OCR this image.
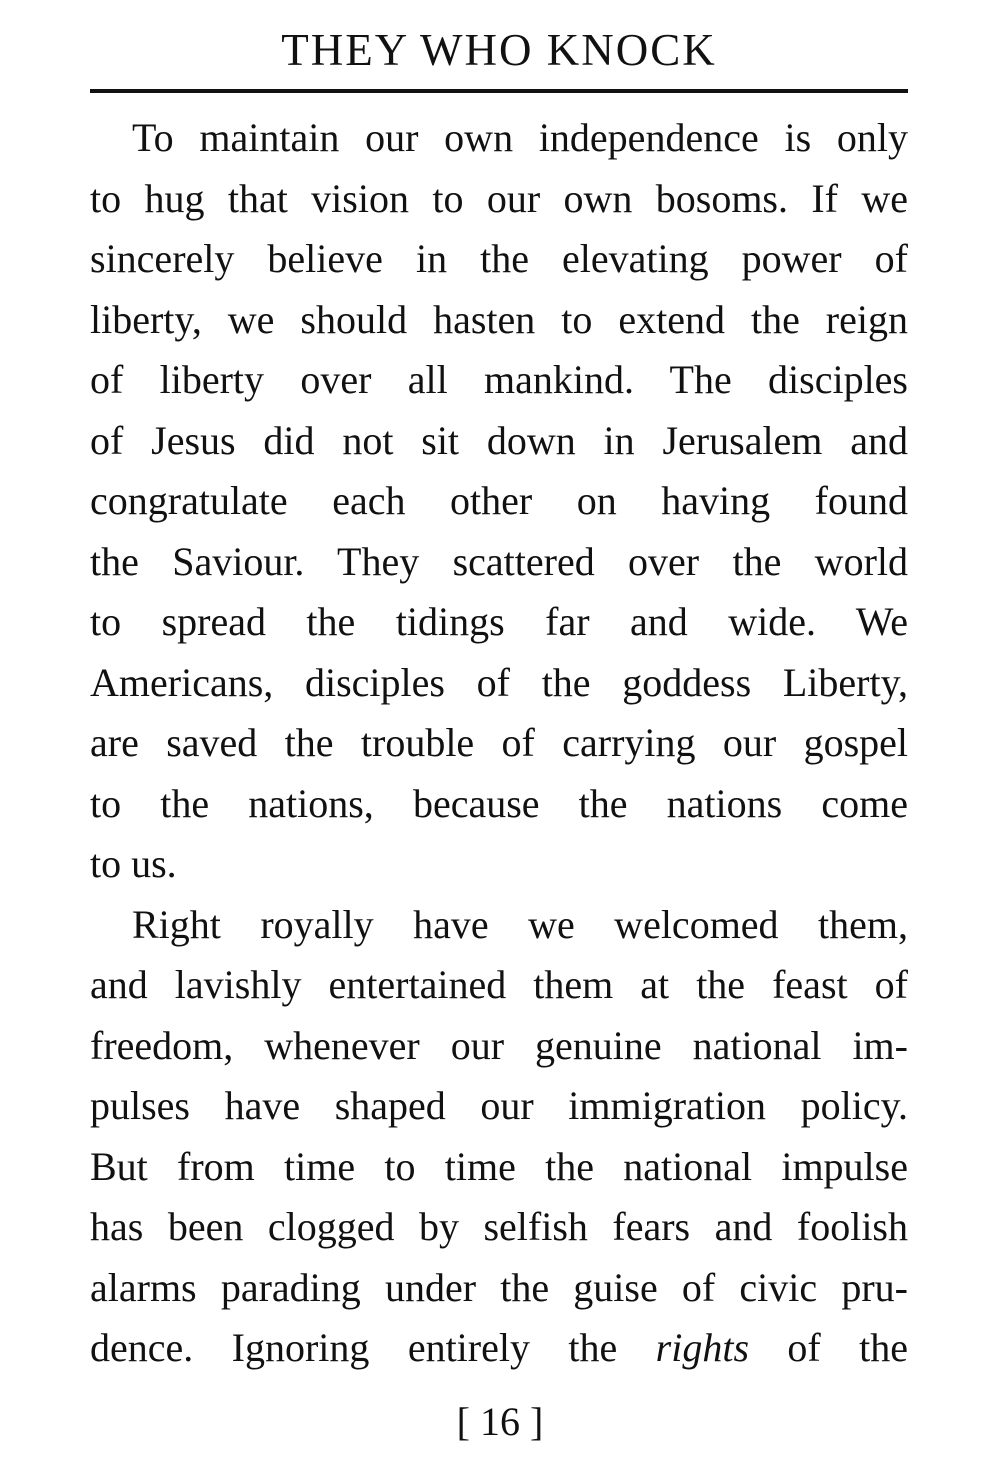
THEY WHO KNOCK
To maintain our own independence is only
to hug that vision to our own bosoms. If we
sincerely believe in the elevating power of
liberty, we should hasten to extend the reign
of liberty over all mankind. The disciples
of Jesus did not sit down in Jerusalem and
congratulate each other on having found
the Saviour. They scattered over the world
to spread the tidings far and wide. We
Americans, disciples of the goddess Liberty,
are saved the trouble of carrying our gospel
to the nations, because the nations come
to us.
Right royally have we welcomed them,
and lavishly entertained them at the feast of
freedom, whenever our genuine national im-
pulses have shaped our immigration policy.
But from time to time the national impulse
has been clogged by selfish fears and foolish
alarms parading under the guise of civic pru-
dence. Ignoring entirely the rights of the
[ 16 ]
